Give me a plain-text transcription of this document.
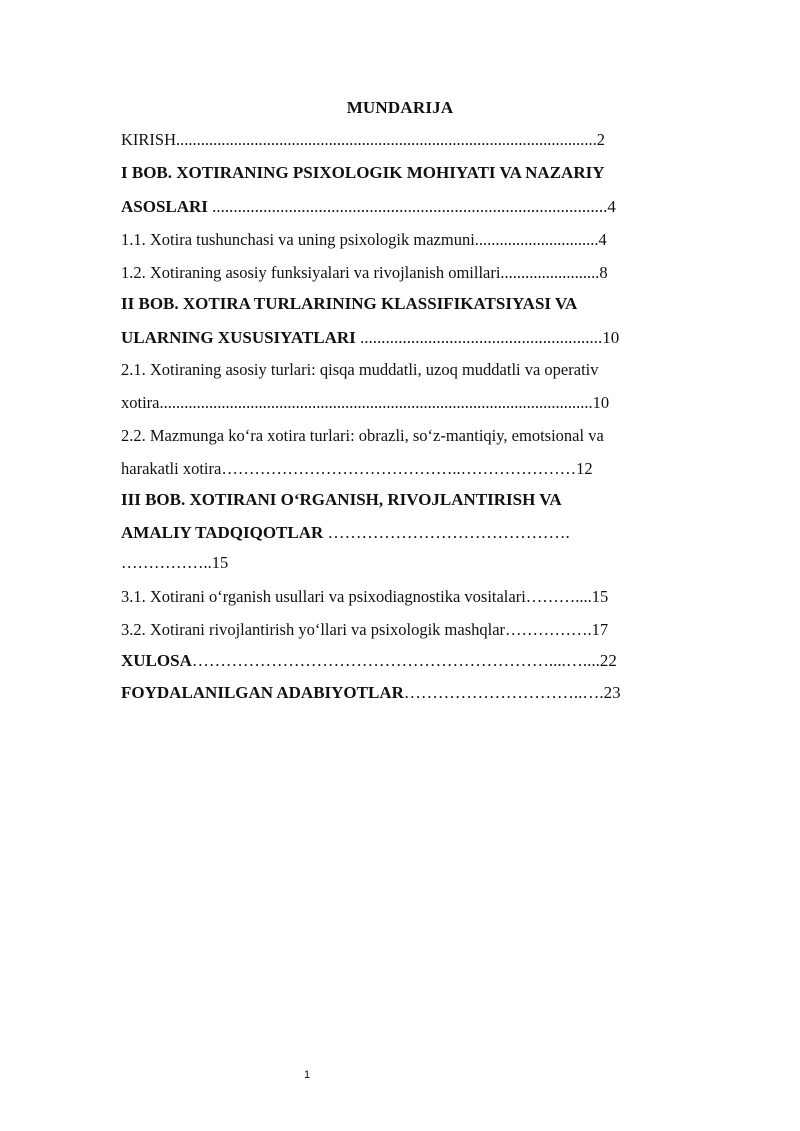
MUNDARIJA
KIRISH......................................................................................................2
I BOB. XOTIRANING PSIXOLOGIK MOHIYATI VA NAZARIY
ASOSLARI .............................................................................................4
1.1. Xotira tushunchasi va uning psixologik mazmuni..............................4
1.2. Xotiraning asosiy funksiyalari va rivojlanish omillari........................8
II BOB. XOTIRA TURLARINING KLASSIFIKATSIYASI VA
ULARNING XUSUSIYATLARI .........................................................10
2.1. Xotiraning asosiy turlari: qisqa muddatli, uzoq muddatli va operativ
xotira.........................................................................................................10
2.2. Mazmunga ko‘ra xotira turlari: obrazli, so‘z-mantiqiy, emotsional va
harakatli xotira……………………………………..…………………12
III BOB. XOTIRANI O‘RGANISH, RIVOJLANTIRISH VA
AMALIY TADQIQOTLAR …………………………………….
……………..15
3.1. Xotirani o‘rganish usullari va psixodiagnostika vositalari………....15
3.2. Xotirani rivojlantirish yo‘llari va psixologik mashqlar…………….17
XULOSA………………………………………………………....…....22
FOYDALANILGAN ADABIYOTLAR…………………………..….23
1
